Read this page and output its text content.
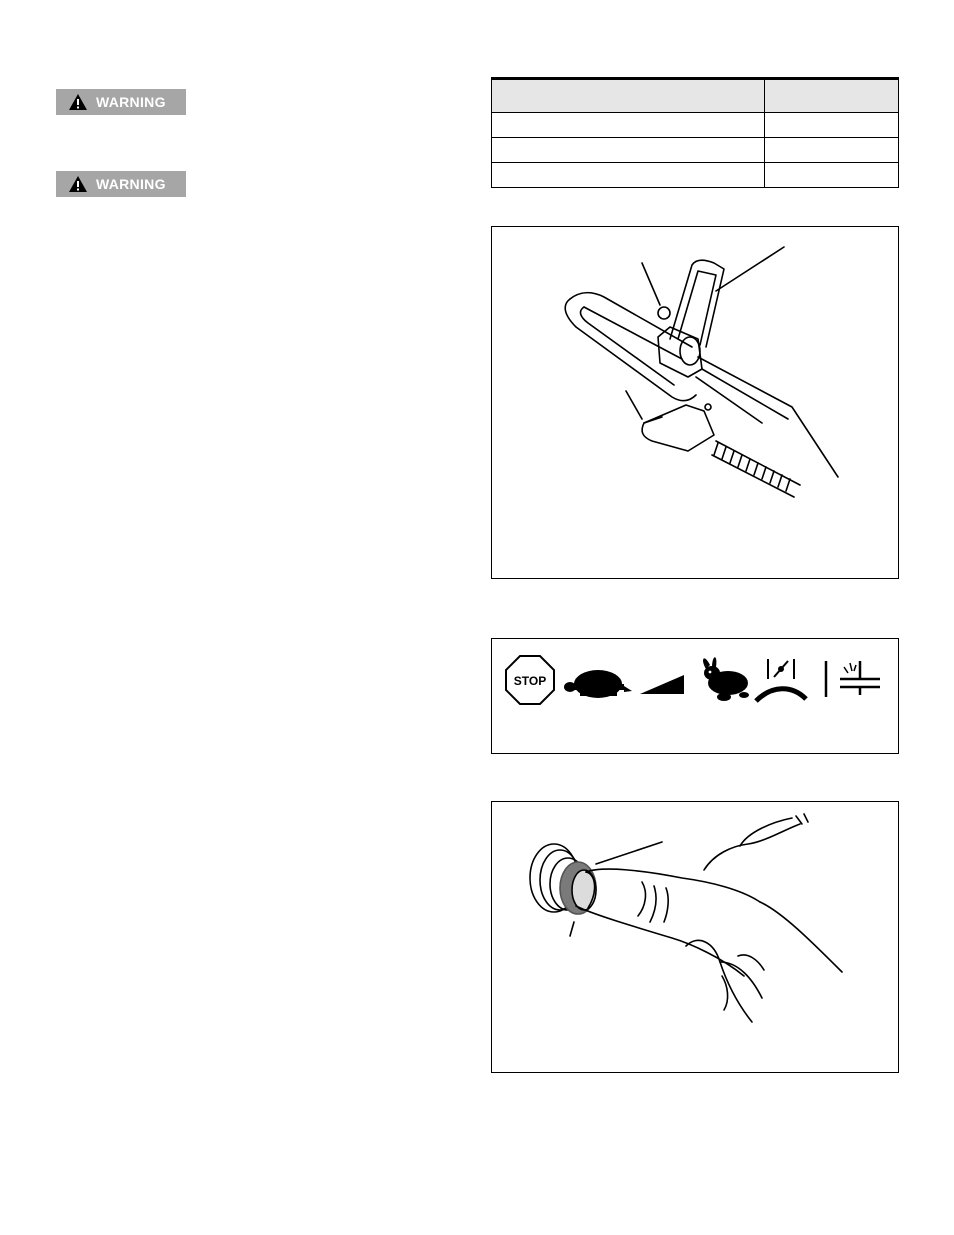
WARNING
WARNING

STOP
